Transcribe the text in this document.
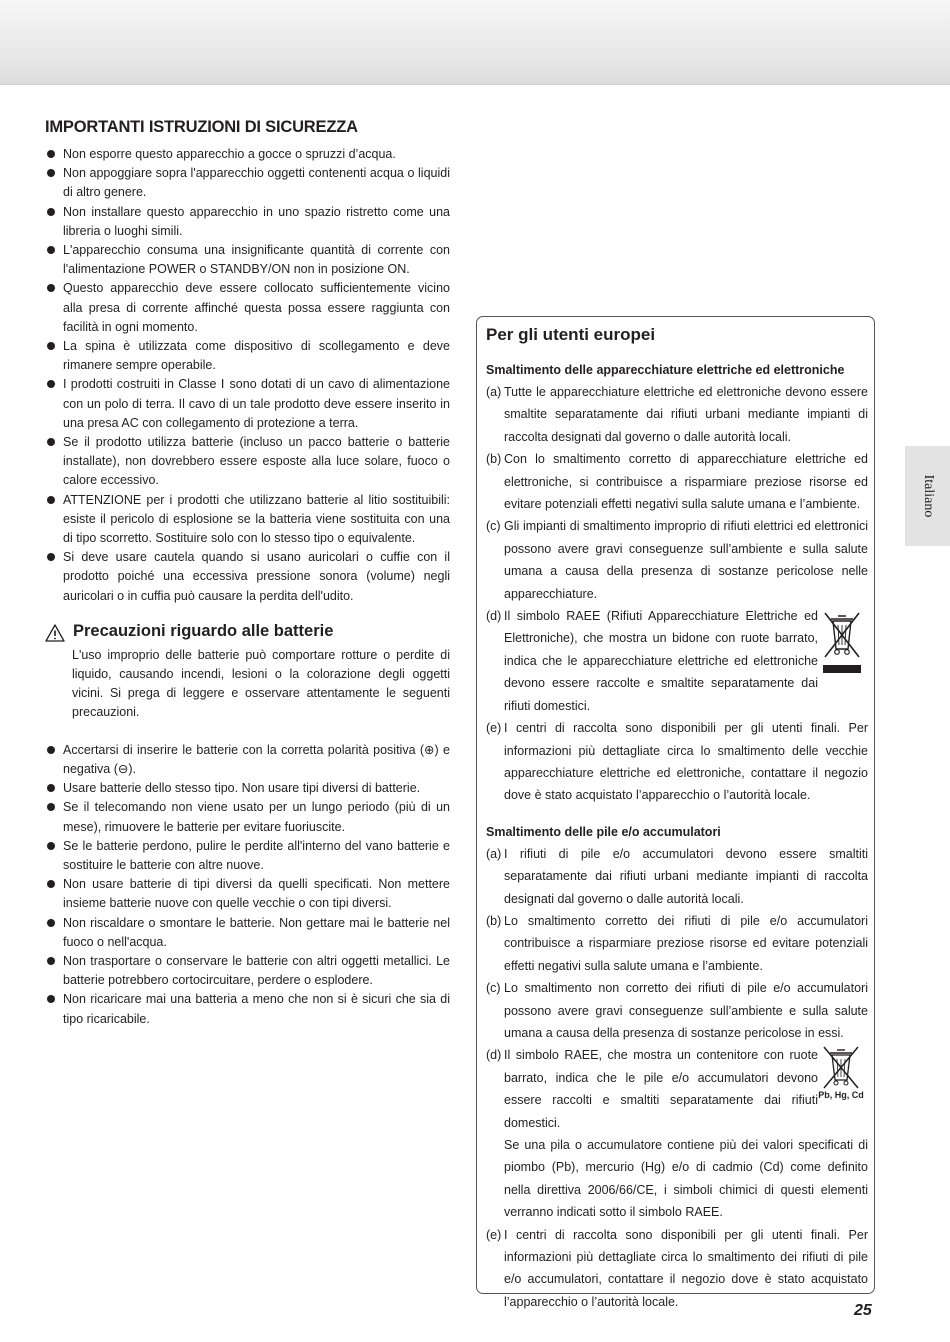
Italiano
IMPORTANTI ISTRUZIONI DI SICUREZZA
Non esporre questo apparecchio a gocce o spruzzi d’acqua.
Non appoggiare sopra l'apparecchio oggetti contenenti acqua o liquidi di altro genere.
Non installare questo apparecchio in uno spazio ristretto come una libreria o luoghi simili.
L'apparecchio consuma una insignificante quantità di corrente con l'alimentazione POWER o STANDBY/ON non in posizione ON.
Questo apparecchio deve essere collocato sufficientemente vicino alla presa di corrente affinché questa possa essere raggiunta con facilità in ogni momento.
La spina è utilizzata come dispositivo di scollegamento e deve rimanere sempre operabile.
I prodotti costruiti in Classe Ⅰ sono dotati di un cavo di alimentazione con un polo di terra. Il cavo di un tale prodotto deve essere inserito in una presa AC con collegamento di protezione a terra.
Se il prodotto utilizza batterie (incluso un pacco batterie o batterie installate), non dovrebbero essere esposte alla luce solare, fuoco o calore eccessivo.
ATTENZIONE per i prodotti che utilizzano batterie al litio sostituibili: esiste il pericolo di esplosione se la batteria viene sostituita con una di tipo scorretto. Sostituire solo con lo stesso tipo o equivalente.
Si deve usare cautela quando si usano auricolari o cuffie con il prodotto poiché una eccessiva pressione sonora (volume) negli auricolari o in cuffia può causare la perdita dell'udito.
Precauzioni riguardo alle batterie
L'uso improprio delle batterie può comportare rotture o perdite di liquido, causando incendi, lesioni o la colorazione degli oggetti vicini. Si prega di leggere e osservare attentamente le seguenti precauzioni.
Accertarsi di inserire le batterie con la corretta polarità positiva (⊕) e negativa (⊖).
Usare batterie dello stesso tipo. Non usare tipi diversi di batterie.
Se il telecomando non viene usato per un lungo periodo (più di un mese), rimuovere le batterie per evitare fuoriuscite.
Se le batterie perdono, pulire le perdite all'interno del vano batterie e sostituire le batterie con altre nuove.
Non usare batterie di tipi diversi da quelli specificati. Non mettere insieme batterie nuove con quelle vecchie o con tipi diversi.
Non riscaldare o smontare le batterie. Non gettare mai le batterie nel fuoco o nell'acqua.
Non trasportare o conservare le batterie con altri oggetti metallici. Le batterie potrebbero cortocircuitare, perdere o esplodere.
Non ricaricare mai una batteria a meno che non si è sicuri che sia di tipo ricaricabile.
Per gli utenti europei
Smaltimento delle apparecchiature elettriche ed elettroniche
(a) Tutte le apparecchiature elettriche ed elettroniche devono essere smaltite separatamente dai rifiuti urbani mediante impianti di raccolta designati dal governo o dalle autorità locali.
(b) Con lo smaltimento corretto di apparecchiature elettriche ed elettroniche, si contribuisce a risparmiare preziose risorse ed evitare potenziali effetti negativi sulla salute umana e l’ambiente.
(c) Gli impianti di smaltimento improprio di rifiuti elettrici ed elettronici possono avere gravi conseguenze sull’ambiente e sulla salute umana a causa della presenza di sostanze pericolose nelle apparecchiature.
(d) Il simbolo RAEE (Rifiuti Apparecchiature Elettriche ed Elettroniche), che mostra un bidone con ruote barrato, indica che le apparecchiature elettriche ed elettroniche devono essere raccolte e smaltite separatamente dai rifiuti domestici.
(e) I centri di raccolta sono disponibili per gli utenti finali. Per informazioni più dettagliate circa lo smaltimento delle vecchie apparecchiature elettriche ed elettroniche, contattare il negozio dove è stato acquistato l’apparecchio o l’autorità locale.
Smaltimento delle pile e/o accumulatori
(a) I rifiuti di pile e/o accumulatori devono essere smaltiti separatamente dai rifiuti urbani mediante impianti di raccolta designati dal governo o dalle autorità locali.
(b) Lo smaltimento corretto dei rifiuti di pile e/o accumulatori contribuisce a risparmiare preziose risorse ed evitare potenziali effetti negativi sulla salute umana e l’ambiente.
(c) Lo smaltimento non corretto dei rifiuti di pile e/o accumulatori possono avere gravi conseguenze sull’ambiente e sulla salute umana a causa della presenza di sostanze pericolose in essi.
(d) Il simbolo RAEE, che mostra un contenitore con ruote barrato, indica che le pile e/o accumulatori devono essere raccolti e smaltiti separatamente dai rifiuti domestici.
Se una pila o accumulatore contiene più dei valori specificati di piombo (Pb), mercurio (Hg) e/o di cadmio (Cd) come definito nella direttiva 2006/66/CE, i simboli chimici di questi elementi verranno indicati sotto il simbolo RAEE.
Pb, Hg, Cd
(e) I centri di raccolta sono disponibili per gli utenti finali. Per informazioni più dettagliate circa lo smaltimento dei rifiuti di pile e/o accumulatori, contattare il negozio dove è stato acquistato l’apparecchio o l’autorità locale.
25
